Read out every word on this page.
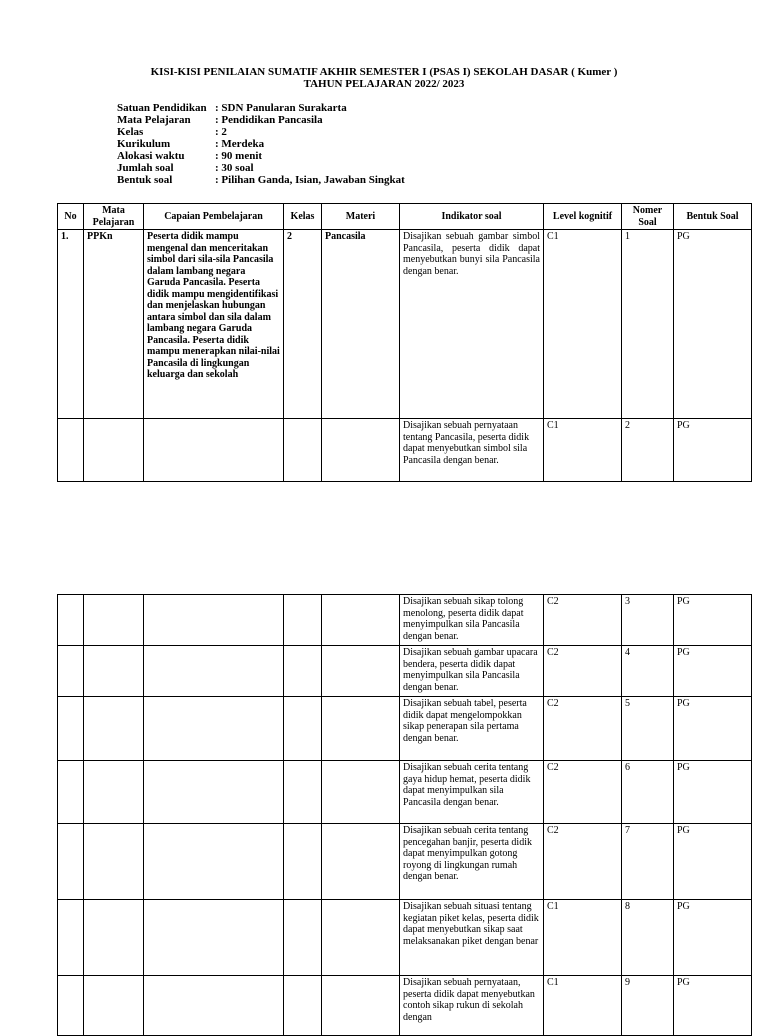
KISI-KISI PENILAIAN SUMATIF AKHIR SEMESTER I (PSAS I) SEKOLAH DASAR ( Kumer )
TAHUN PELAJARAN 2022/ 2023
Satuan Pendidikan : SDN Panularan Surakarta
Mata Pelajaran	: Pendidikan Pancasila
Kelas	: 2
Kurikulum	: Merdeka
Alokasi waktu	: 90 menit
Jumlah soal	: 30 soal
Bentuk soal	: Pilihan Ganda, Isian, Jawaban Singkat
No	Mata Pelajaran	Capaian Pembelajaran	Kelas	Materi	Indikator soal	Level kognitif	Nomer Soal	Bentuk Soal
1.	PPKn	Peserta didik mampu mengenal dan menceritakan simbol dari sila-sila Pancasila dalam lambang negara Garuda Pancasila. Peserta didik mampu mengidentifikasi dan menjelaskan hubungan antara simbol dan sila dalam lambang negara Garuda Pancasila. Peserta didik mampu menerapkan nilai-nilai Pancasila di lingkungan keluarga dan sekolah	2	Pancasila	Disajikan sebuah gambar simbol Pancasila, peserta didik dapat menyebutkan bunyi sila Pancasila dengan benar.	C1	1	PG
					Disajikan sebuah pernyataan tentang Pancasila, peserta didik dapat menyebutkan simbol sila Pancasila dengan benar.	C1	2	PG
					Disajikan sebuah sikap tolong menolong, peserta didik dapat menyimpulkan sila Pancasila dengan benar.	C2	3	PG
					Disajikan sebuah gambar upacara bendera, peserta didik dapat menyimpulkan sila Pancasila dengan benar.	C2	4	PG
					Disajikan sebuah tabel, peserta didik dapat mengelompokkan sikap penerapan sila pertama dengan benar.	C2	5	PG
					Disajikan sebuah cerita tentang gaya hidup hemat, peserta didik dapat menyimpulkan sila Pancasila dengan benar.	C2	6	PG
					Disajikan sebuah cerita tentang pencegahan banjir, peserta didik dapat menyimpulkan gotong royong di lingkungan rumah dengan benar.	C2	7	PG
					Disajikan sebuah situasi tentang kegiatan piket kelas, peserta didik dapat menyebutkan sikap saat melaksanakan piket dengan benar	C1	8	PG
					Disajikan sebuah pernyataan, peserta didik dapat menyebutkan contoh sikap rukun di sekolah dengan	C1	9	PG
